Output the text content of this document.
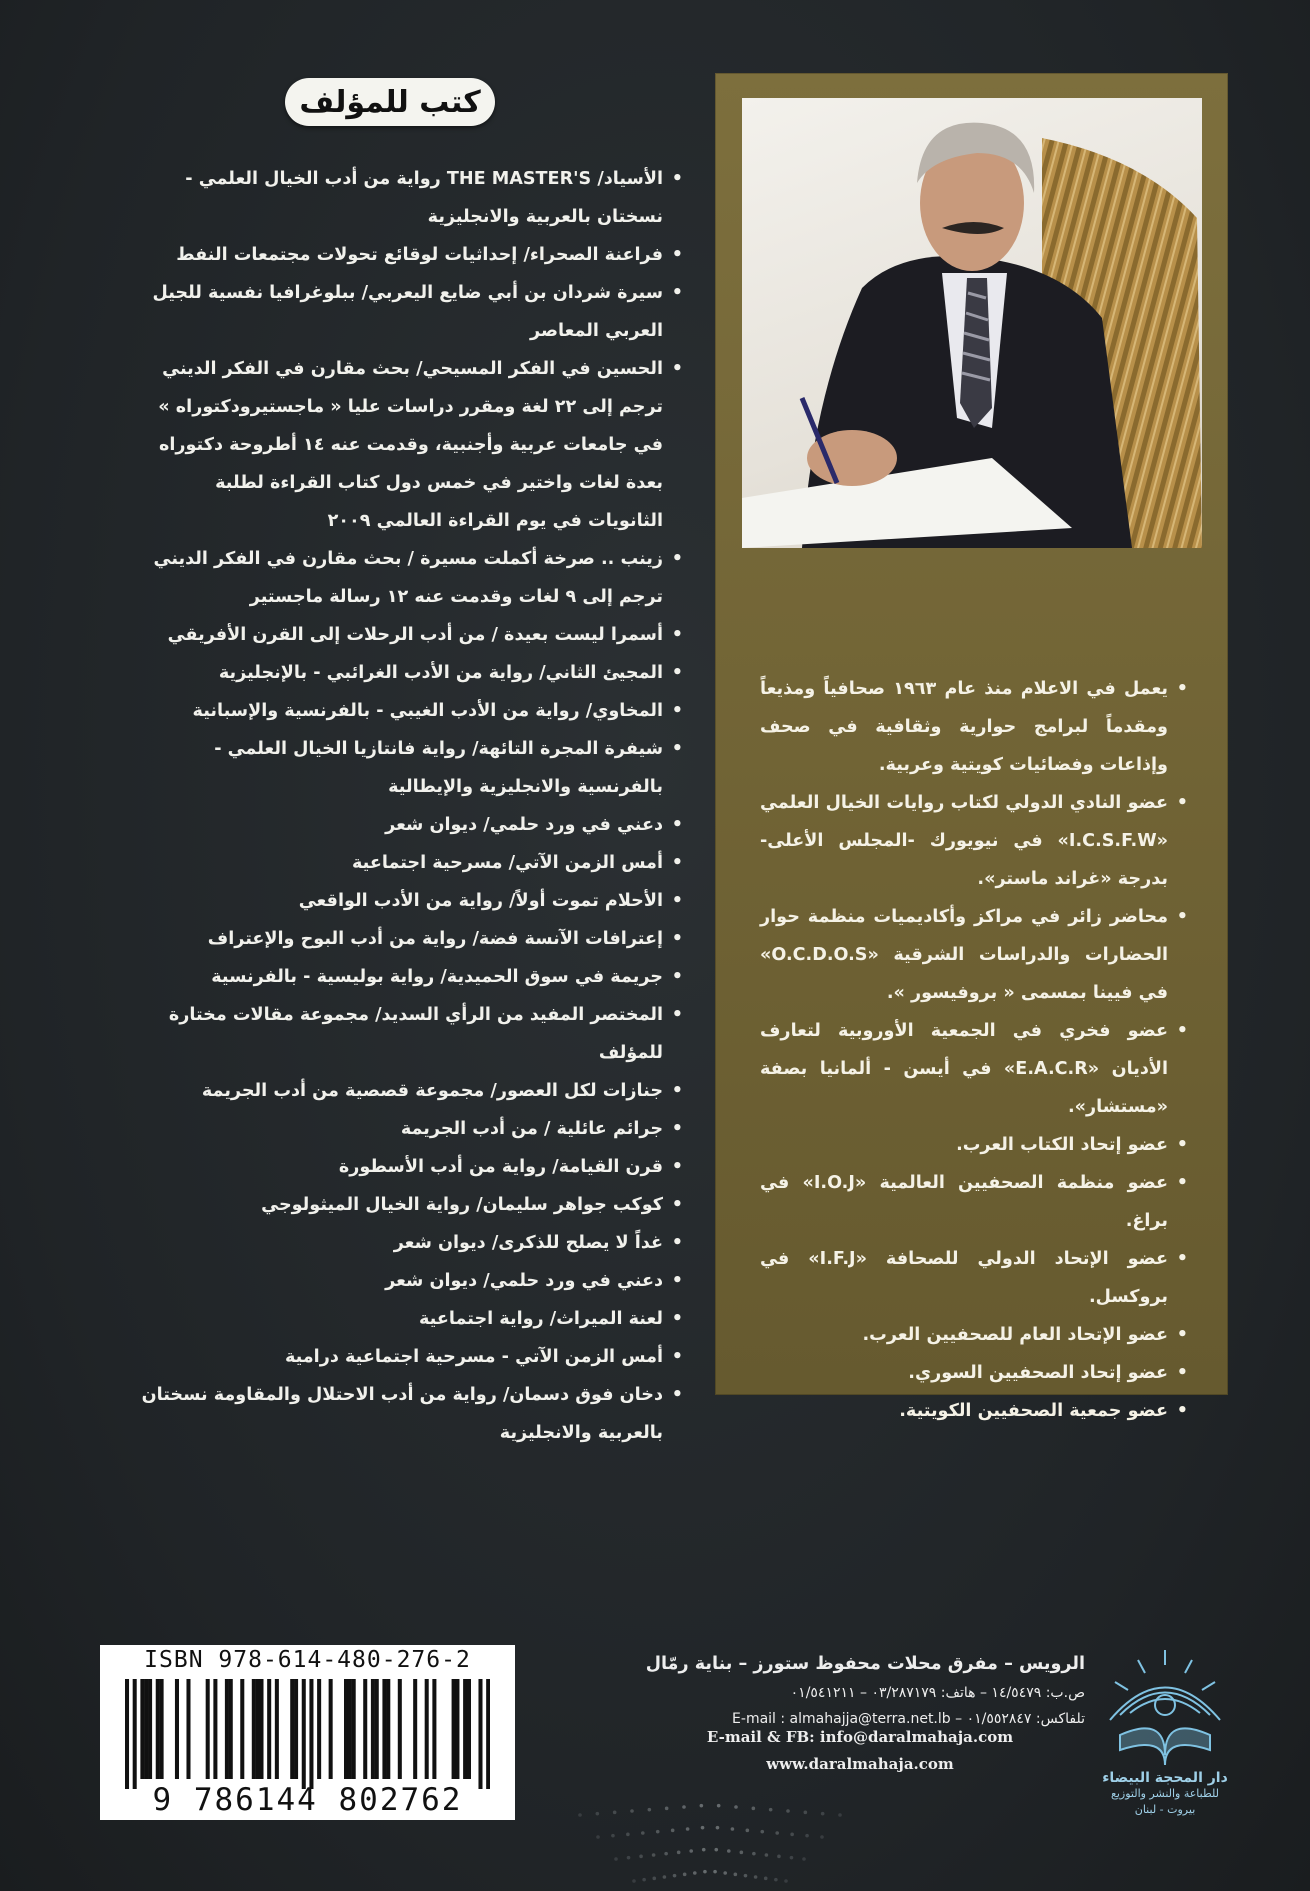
كتب للمؤلف
• الأسياد/ THE MASTER'S رواية من أدب الخيال العلمي - نسختان بالعربية والانجليزية
• فراعنة الصحراء/ إحداثيات لوقائع تحولات مجتمعات النفط
• سيرة شردان بن أبي ضايع اليعربي/ ببلوغرافيا نفسية للجيل العربي المعاصر
• الحسين في الفكر المسيحي/ بحث مقارن في الفكر الديني ترجم إلى ٢٢ لغة ومقرر دراسات عليا « ماجستيرودكتوراه » في جامعات عربية وأجنبية، وقدمت عنه ١٤ أطروحة دكتوراه بعدة لغات واختير في خمس دول كتاب القراءة لطلبة الثانويات في يوم القراءة العالمي ٢٠٠٩
• زينب .. صرخة أكملت مسيرة / بحث مقارن في الفكر الديني ترجم إلى ٩ لغات وقدمت عنه ١٢ رسالة ماجستير
• أسمرا ليست بعيدة / من أدب الرحلات إلى القرن الأفريقي
• المجيئ الثاني/ رواية من الأدب الغرائبي - بالإنجليزية
• المخاوي/ رواية من الأدب الغيبي - بالفرنسية والإسبانية
• شيفرة المجرة التائهة/ رواية فانتازيا الخيال العلمي - بالفرنسية والانجليزية والإيطالية
• دعني في ورد حلمي/ ديوان شعر
• أمس الزمن الآتي/ مسرحية اجتماعية
• الأحلام تموت أولاً/ رواية من الأدب الواقعي
• إعترافات الآنسة فضة/ رواية من أدب البوح والإعتراف
• جريمة في سوق الحميدية/ رواية بوليسية - بالفرنسية
• المختصر المفيد من الرأي السديد/ مجموعة مقالات مختارة للمؤلف
• جنازات لكل العصور/ مجموعة قصصية من أدب الجريمة
• جرائم عائلية / من أدب الجريمة
• قرن القيامة/ رواية من أدب الأسطورة
• كوكب جواهر سليمان/ رواية الخيال الميثولوجي
• غداً لا يصلح للذكرى/ ديوان شعر
• دعني في ورد حلمي/ ديوان شعر
• لعنة الميراث/ رواية اجتماعية
• أمس الزمن الآتي - مسرحية اجتماعية درامية
• دخان فوق دسمان/ رواية من أدب الاحتلال والمقاومة نسختان بالعربية والانجليزية
• يعمل في الاعلام منذ عام ١٩٦٣ صحافياً ومذيعاً ومقدماً لبرامج حوارية وثقافية في صحف وإذاعات وفضائيات كويتية وعربية.
• عضو النادي الدولي لكتاب روايات الخيال العلمي «I.C.S.F.W» في نيويورك -المجلس الأعلى- بدرجة «غراند ماستر».
• محاضر زائر في مراكز وأكاديميات منظمة حوار الحضارات والدراسات الشرقية «O.C.D.O.S» في فيينا بمسمى « بروفيسور ».
• عضو فخري في الجمعية الأوروبية لتعارف الأديان «E.A.C.R» في أيسن - ألمانيا بصفة «مستشار».
• عضو إتحاد الكتاب العرب.
• عضو منظمة الصحفيين العالمية «I.O.J» في براغ.
• عضو الإتحاد الدولي للصحافة «I.F.J» في بروكسل.
• عضو الإتحاد العام للصحفيين العرب.
• عضو إتحاد الصحفيين السوري.
• عضو جمعية الصحفيين الكويتية.
ISBN 978-614-480-276-2
9 786144 802762
الرويس – مفرق محلات محفوظ ستورز – بناية رمّال
ص.ب: ١٤/٥٤٧٩ – هاتف: ٠٣/٢٨٧١٧٩ – ٠١/٥٤١٢١١
تلفاكس: ٠١/٥٥٢٨٤٧ – E-mail : almahajja@terra.net.lb
E-mail & FB: info@daralmahaja.com
www.daralmahaja.com
دار المحجة البيضاء
للطباعة والنشر والتوزيع
بيروت - لبنان
